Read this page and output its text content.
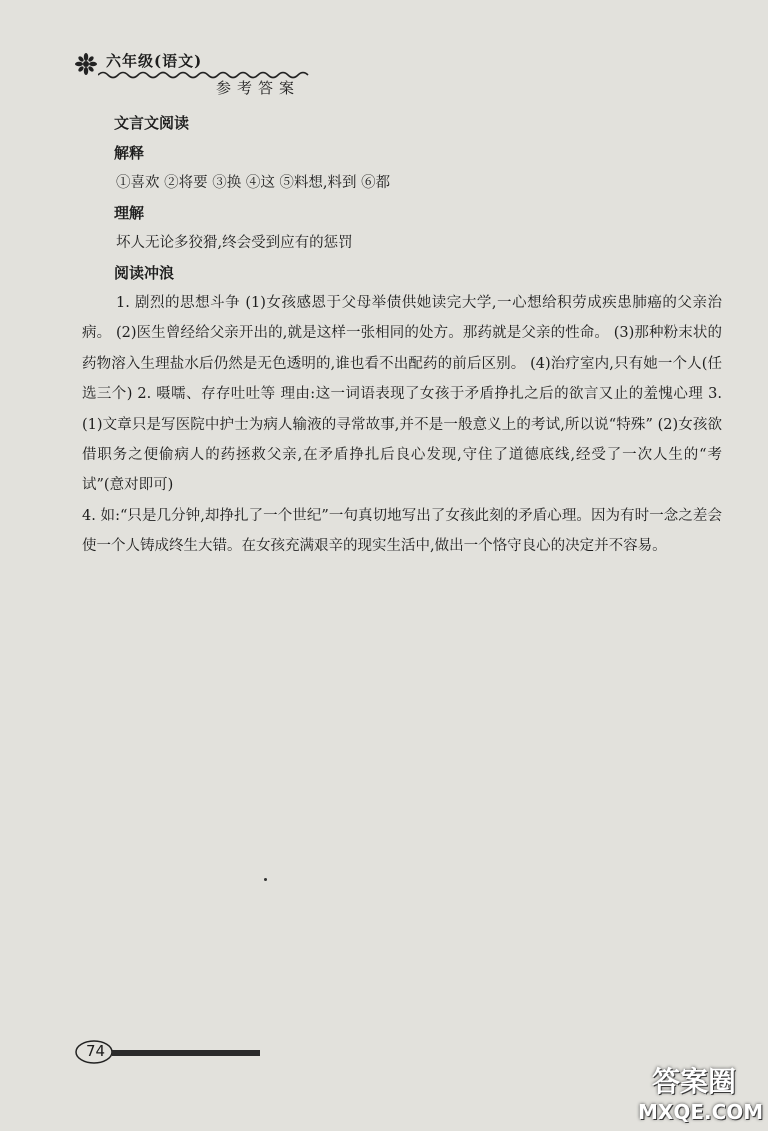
六年级(语文)
参考答案
文言文阅读
解释
①喜欢 ②将要 ③换 ④这 ⑤料想,料到 ⑥都
理解
坏人无论多狡猾,终会受到应有的惩罚
阅读冲浪

1. 剧烈的思想斗争 (1)女孩感恩于父母举债供她读完大学,一心想给积劳成疾患肺癌的父亲治病。 (2)医生曾经给父亲开出的,就是这样一张相同的处方。那药就是父亲的性命。 (3)那种粉末状的药物溶入生理盐水后仍然是无色透明的,谁也看不出配药的前后区别。 (4)治疗室内,只有她一个人(任选三个) 2. 嗫嚅、存存吐吐等 理由:这一词语表现了女孩于矛盾挣扎之后的欲言又止的羞愧心理 3.(1)文章只是写医院中护士为病人输液的寻常故事,并不是一般意义上的考试,所以说“特殊” (2)女孩欲借职务之便偷病人的药拯救父亲,在矛盾挣扎后良心发现,守住了道德底线,经受了一次人生的“考试”(意对即可)

4. 如:“只是几分钟,却挣扎了一个世纪”一句真切地写出了女孩此刻的矛盾心理。因为有时一念之差会使一个人铸成终生大错。在女孩充满艰辛的现实生活中,做出一个恪守良心的决定并不容易。

74
答案圈
MXQE.COM
